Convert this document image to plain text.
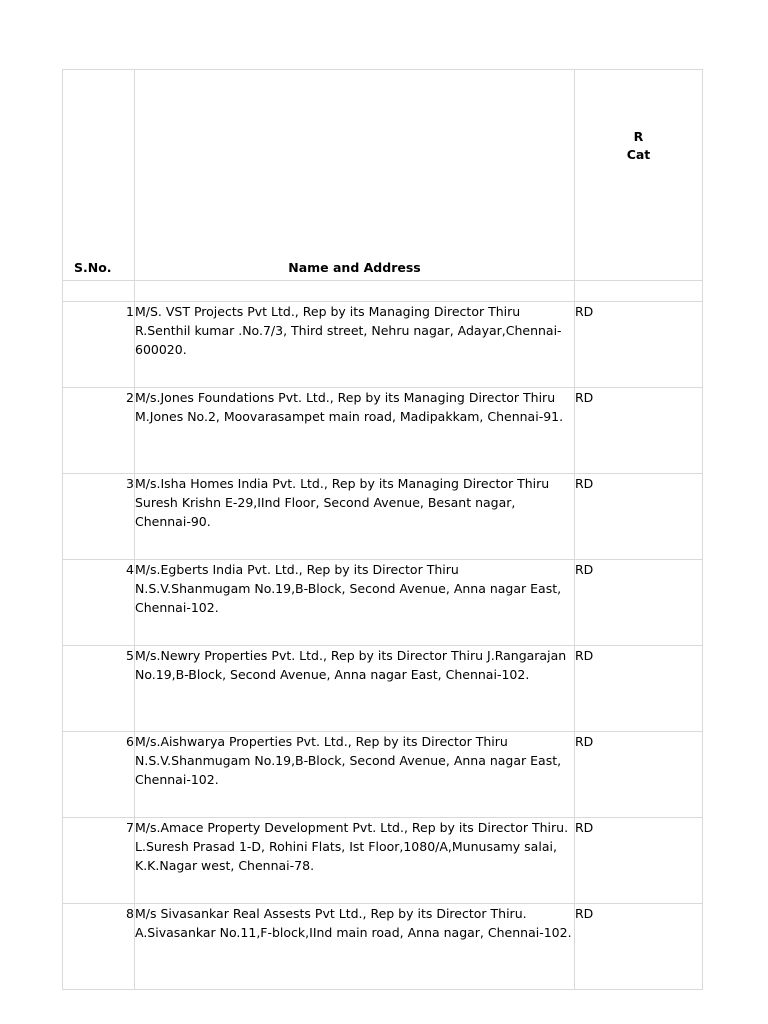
S.No.	Name and Address	R
Cat

1	M/S. VST Projects Pvt Ltd., Rep by its Managing Director Thiru R.Senthil kumar .No.7/3, Third street, Nehru nagar, Adayar,Chennai-600020.	RD
2	M/s.Jones Foundations Pvt. Ltd., Rep by its Managing Director Thiru M.Jones No.2, Moovarasampet main road, Madipakkam, Chennai-91.	RD
3	M/s.Isha Homes India Pvt. Ltd., Rep by its Managing Director Thiru Suresh Krishn E-29,IInd Floor, Second Avenue, Besant nagar, Chennai-90.	RD
4	M/s.Egberts India Pvt. Ltd., Rep by its Director Thiru N.S.V.Shanmugam No.19,B-Block, Second Avenue, Anna nagar East, Chennai-102.	RD
5	M/s.Newry Properties Pvt. Ltd., Rep by its Director Thiru J.Rangarajan No.19,B-Block, Second Avenue, Anna nagar East, Chennai-102.	RD
6	M/s.Aishwarya Properties Pvt. Ltd., Rep by its Director Thiru N.S.V.Shanmugam No.19,B-Block, Second Avenue, Anna nagar East, Chennai-102.	RD
7	M/s.Amace Property Development Pvt. Ltd., Rep by its Director Thiru. L.Suresh Prasad 1-D, Rohini Flats, Ist Floor,1080/A,Munusamy salai, K.K.Nagar west, Chennai-78.	RD
8	M/s Sivasankar Real Assests Pvt Ltd., Rep by its Director Thiru. A.Sivasankar No.11,F-block,IInd main road, Anna nagar, Chennai-102.	RD
